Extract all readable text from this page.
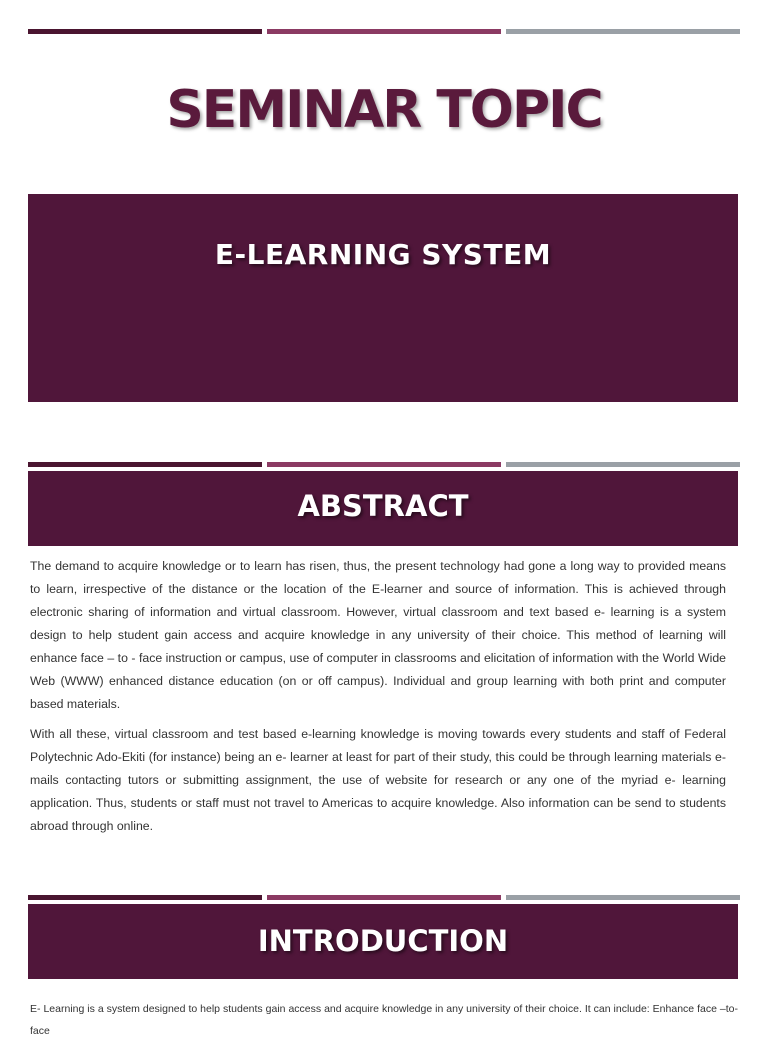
SEMINAR TOPIC
E-LEARNING SYSTEM
ABSTRACT

The demand to acquire knowledge or to learn has risen, thus, the present technology had gone a long way to provided means to learn, irrespective of the distance or the location of the E-learner and source of information. This is achieved through electronic sharing of information and virtual classroom. However, virtual classroom and text based e- learning is a system design to help student gain access and acquire knowledge in any university of their choice. This method of learning will enhance face – to - face instruction or campus, use of computer in classrooms and elicitation of information with the World Wide Web (WWW) enhanced distance education (on or off campus). Individual and group learning with both print and computer based materials.

With all these, virtual classroom and test based e-learning knowledge is moving towards every students and staff of Federal Polytechnic Ado-Ekiti (for instance) being an e- learner at least for part of their study, this could be through learning materials e- mails contacting tutors or submitting assignment, the use of website for research or any one of the myriad e- learning application. Thus, students or staff must not travel to Americas to acquire knowledge. Also information can be send to students abroad through online.

INTRODUCTION

E- Learning is a system designed to help students gain access and acquire knowledge in any university of their choice. It can include: Enhance face –to- face
